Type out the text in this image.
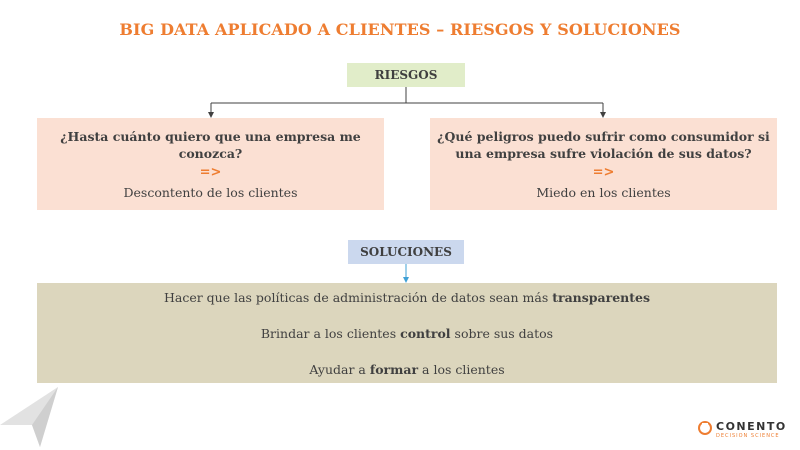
BIG DATA APLICADO A CLIENTES – RIESGOS Y SOLUCIONES
RIESGOS
¿Hasta cuánto quiero que una empresa me conozca?
=>
Descontento de los clientes
¿Qué peligros puedo sufrir como consumidor si una empresa sufre violación de sus datos?
=>
Miedo en los clientes
SOLUCIONES
Hacer que las políticas de administración de datos sean más transparentes
Brindar a los clientes control sobre sus datos
Ayudar a formar a los clientes
CONENTO
DECISION SCIENCE
